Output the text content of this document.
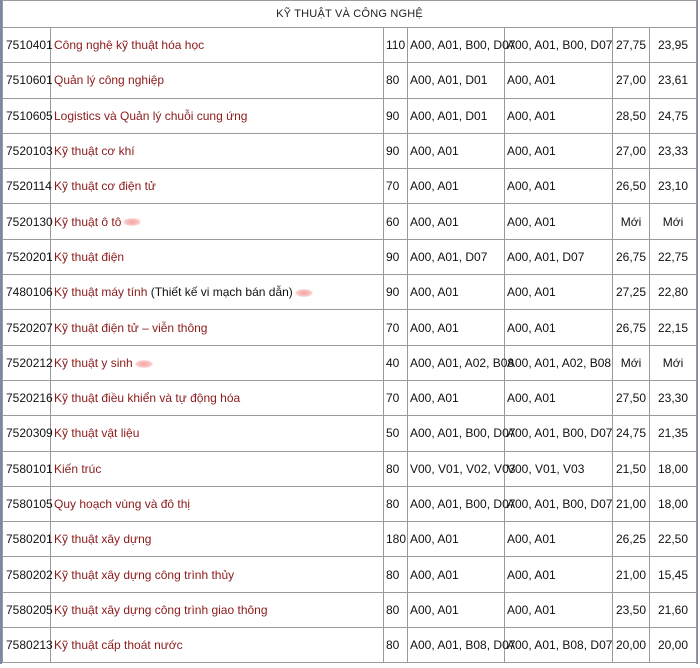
KỸ THUẬT VÀ CÔNG NGHỆ						
7510401	Công nghệ kỹ thuật hóa học	110	A00, A01, B00, D07	A00, A01, B00, D07	27,75	23,95
7510601	Quản lý công nghiệp	80	A00, A01, D01	A00, A01	27,00	23,61
7510605	Logistics và Quản lý chuỗi cung ứng	90	A00, A01, D01	A00, A01	28,50	24,75
7520103	Kỹ thuật cơ khí	90	A00, A01	A00, A01	27,00	23,33
7520114	Kỹ thuật cơ điện tử	70	A00, A01	A00, A01	26,50	23,10
7520130	Kỹ thuật ô tô	60	A00, A01	A00, A01	Mới	Mới
7520201	Kỹ thuật điện	90	A00, A01, D07	A00, A01, D07	26,75	22,75
7480106	Kỹ thuật máy tính (Thiết kế vi mạch bán dẫn)	90	A00, A01	A00, A01	27,25	22,80
7520207	Kỹ thuật điện tử – viễn thông	70	A00, A01	A00, A01	26,75	22,15
7520212	Kỹ thuật y sinh	40	A00, A01, A02, B08	A00, A01, A02, B08	Mới	Mới
7520216	Kỹ thuật điều khiển và tự động hóa	70	A00, A01	A00, A01	27,50	23,30
7520309	Kỹ thuật vật liệu	50	A00, A01, B00, D07	A00, A01, B00, D07	24,75	21,35
7580101	Kiến trúc	80	V00, V01, V02, V03	V00, V01, V03	21,50	18,00
7580105	Quy hoạch vùng và đô thị	80	A00, A01, B00, D07	A00, A01, B00, D07	21,00	18,00
7580201	Kỹ thuật xây dựng	180	A00, A01	A00, A01	26,25	22,50
7580202	Kỹ thuật xây dựng công trình thủy	80	A00, A01	A00, A01	21,00	15,45
7580205	Kỹ thuật xây dựng công trình giao thông	80	A00, A01	A00, A01	23,50	21,60
7580213	Kỹ thuật cấp thoát nước	80	A00, A01, B08, D07	A00, A01, B08, D07	20,00	20,00
